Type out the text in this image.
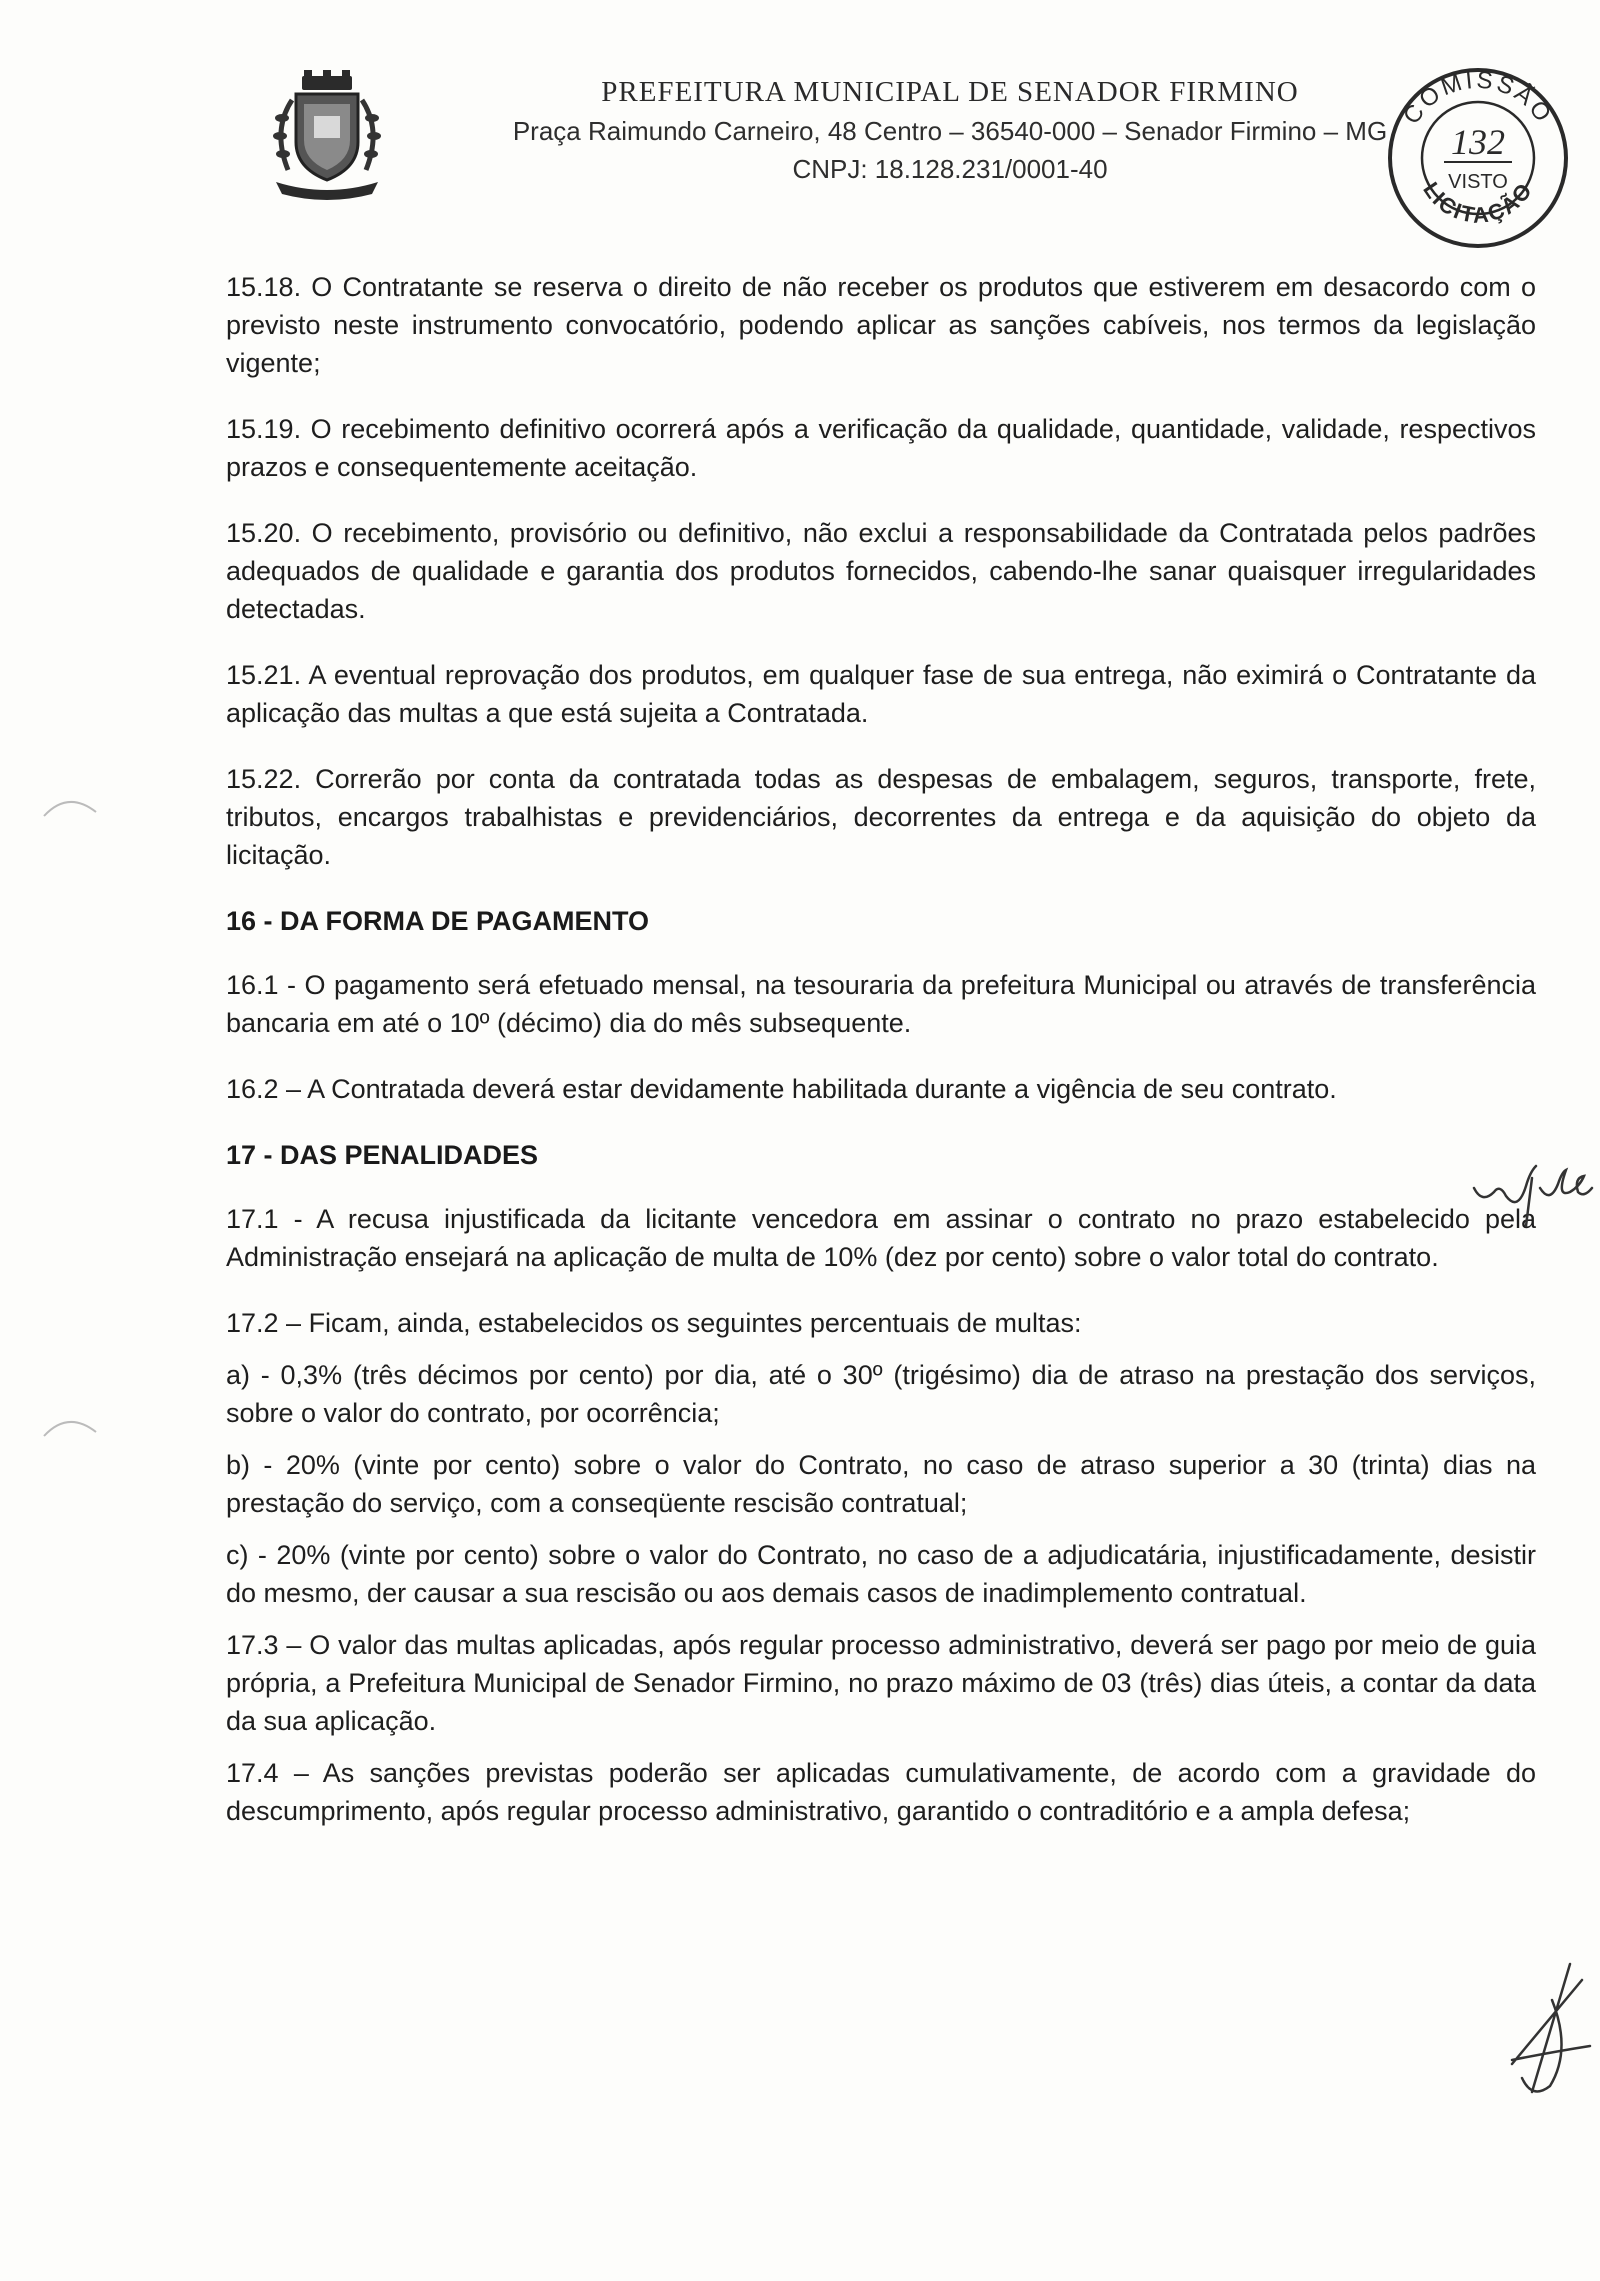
PREFEITURA MUNICIPAL DE SENADOR FIRMINO

Praça Raimundo Carneiro, 48 Centro – 36540-000 – Senador Firmino – MG

CNPJ: 18.128.231/0001-40

COMISSÃO
132
VISTO
LICITAÇÃO

15.18. O Contratante se reserva o direito de não receber os produtos que estiverem em desacordo com o previsto neste instrumento convocatório, podendo aplicar as sanções cabíveis, nos termos da legislação vigente;

15.19. O recebimento definitivo ocorrerá após a verificação da qualidade, quantidade, validade, respectivos prazos e consequentemente aceitação.

15.20. O recebimento, provisório ou definitivo, não exclui a responsabilidade da Contratada pelos padrões adequados de qualidade e garantia dos produtos fornecidos, cabendo-lhe sanar quaisquer irregularidades detectadas.

15.21. A eventual reprovação dos produtos, em qualquer fase de sua entrega, não eximirá o Contratante da aplicação das multas a que está sujeita a Contratada.

15.22. Correrão por conta da contratada todas as despesas de embalagem, seguros, transporte, frete, tributos, encargos trabalhistas e previdenciários, decorrentes da entrega e da aquisição do objeto da licitação.

16 - DA FORMA DE PAGAMENTO

16.1 - O pagamento será efetuado mensal, na tesouraria da prefeitura Municipal ou através de transferência bancaria em até o 10º (décimo) dia do mês subsequente.

16.2 – A Contratada deverá estar devidamente habilitada durante a vigência de seu contrato.

17 - DAS PENALIDADES

17.1 - A recusa injustificada da licitante vencedora em assinar o contrato no prazo estabelecido pela Administração ensejará na aplicação de multa de 10% (dez por cento) sobre o valor total do contrato.

17.2 – Ficam, ainda, estabelecidos os seguintes percentuais de multas:

a) - 0,3% (três décimos por cento) por dia, até o 30º (trigésimo) dia de atraso na prestação dos serviços, sobre o valor do contrato, por ocorrência;

b) - 20% (vinte por cento) sobre o valor do Contrato, no caso de atraso superior a 30 (trinta) dias na prestação do serviço, com a conseqüente rescisão contratual;

c) - 20% (vinte por cento) sobre o valor do Contrato, no caso de a adjudicatária, injustificadamente, desistir do mesmo, der causar a sua rescisão ou aos demais casos de inadimplemento contratual.

17.3 – O valor das multas aplicadas, após regular processo administrativo, deverá ser pago por meio de guia própria, a Prefeitura Municipal de Senador Firmino, no prazo máximo de 03 (três) dias úteis, a contar da data da sua aplicação.

17.4 – As sanções previstas poderão ser aplicadas cumulativamente, de acordo com a gravidade do descumprimento, após regular processo administrativo, garantido o contraditório e a ampla defesa;
